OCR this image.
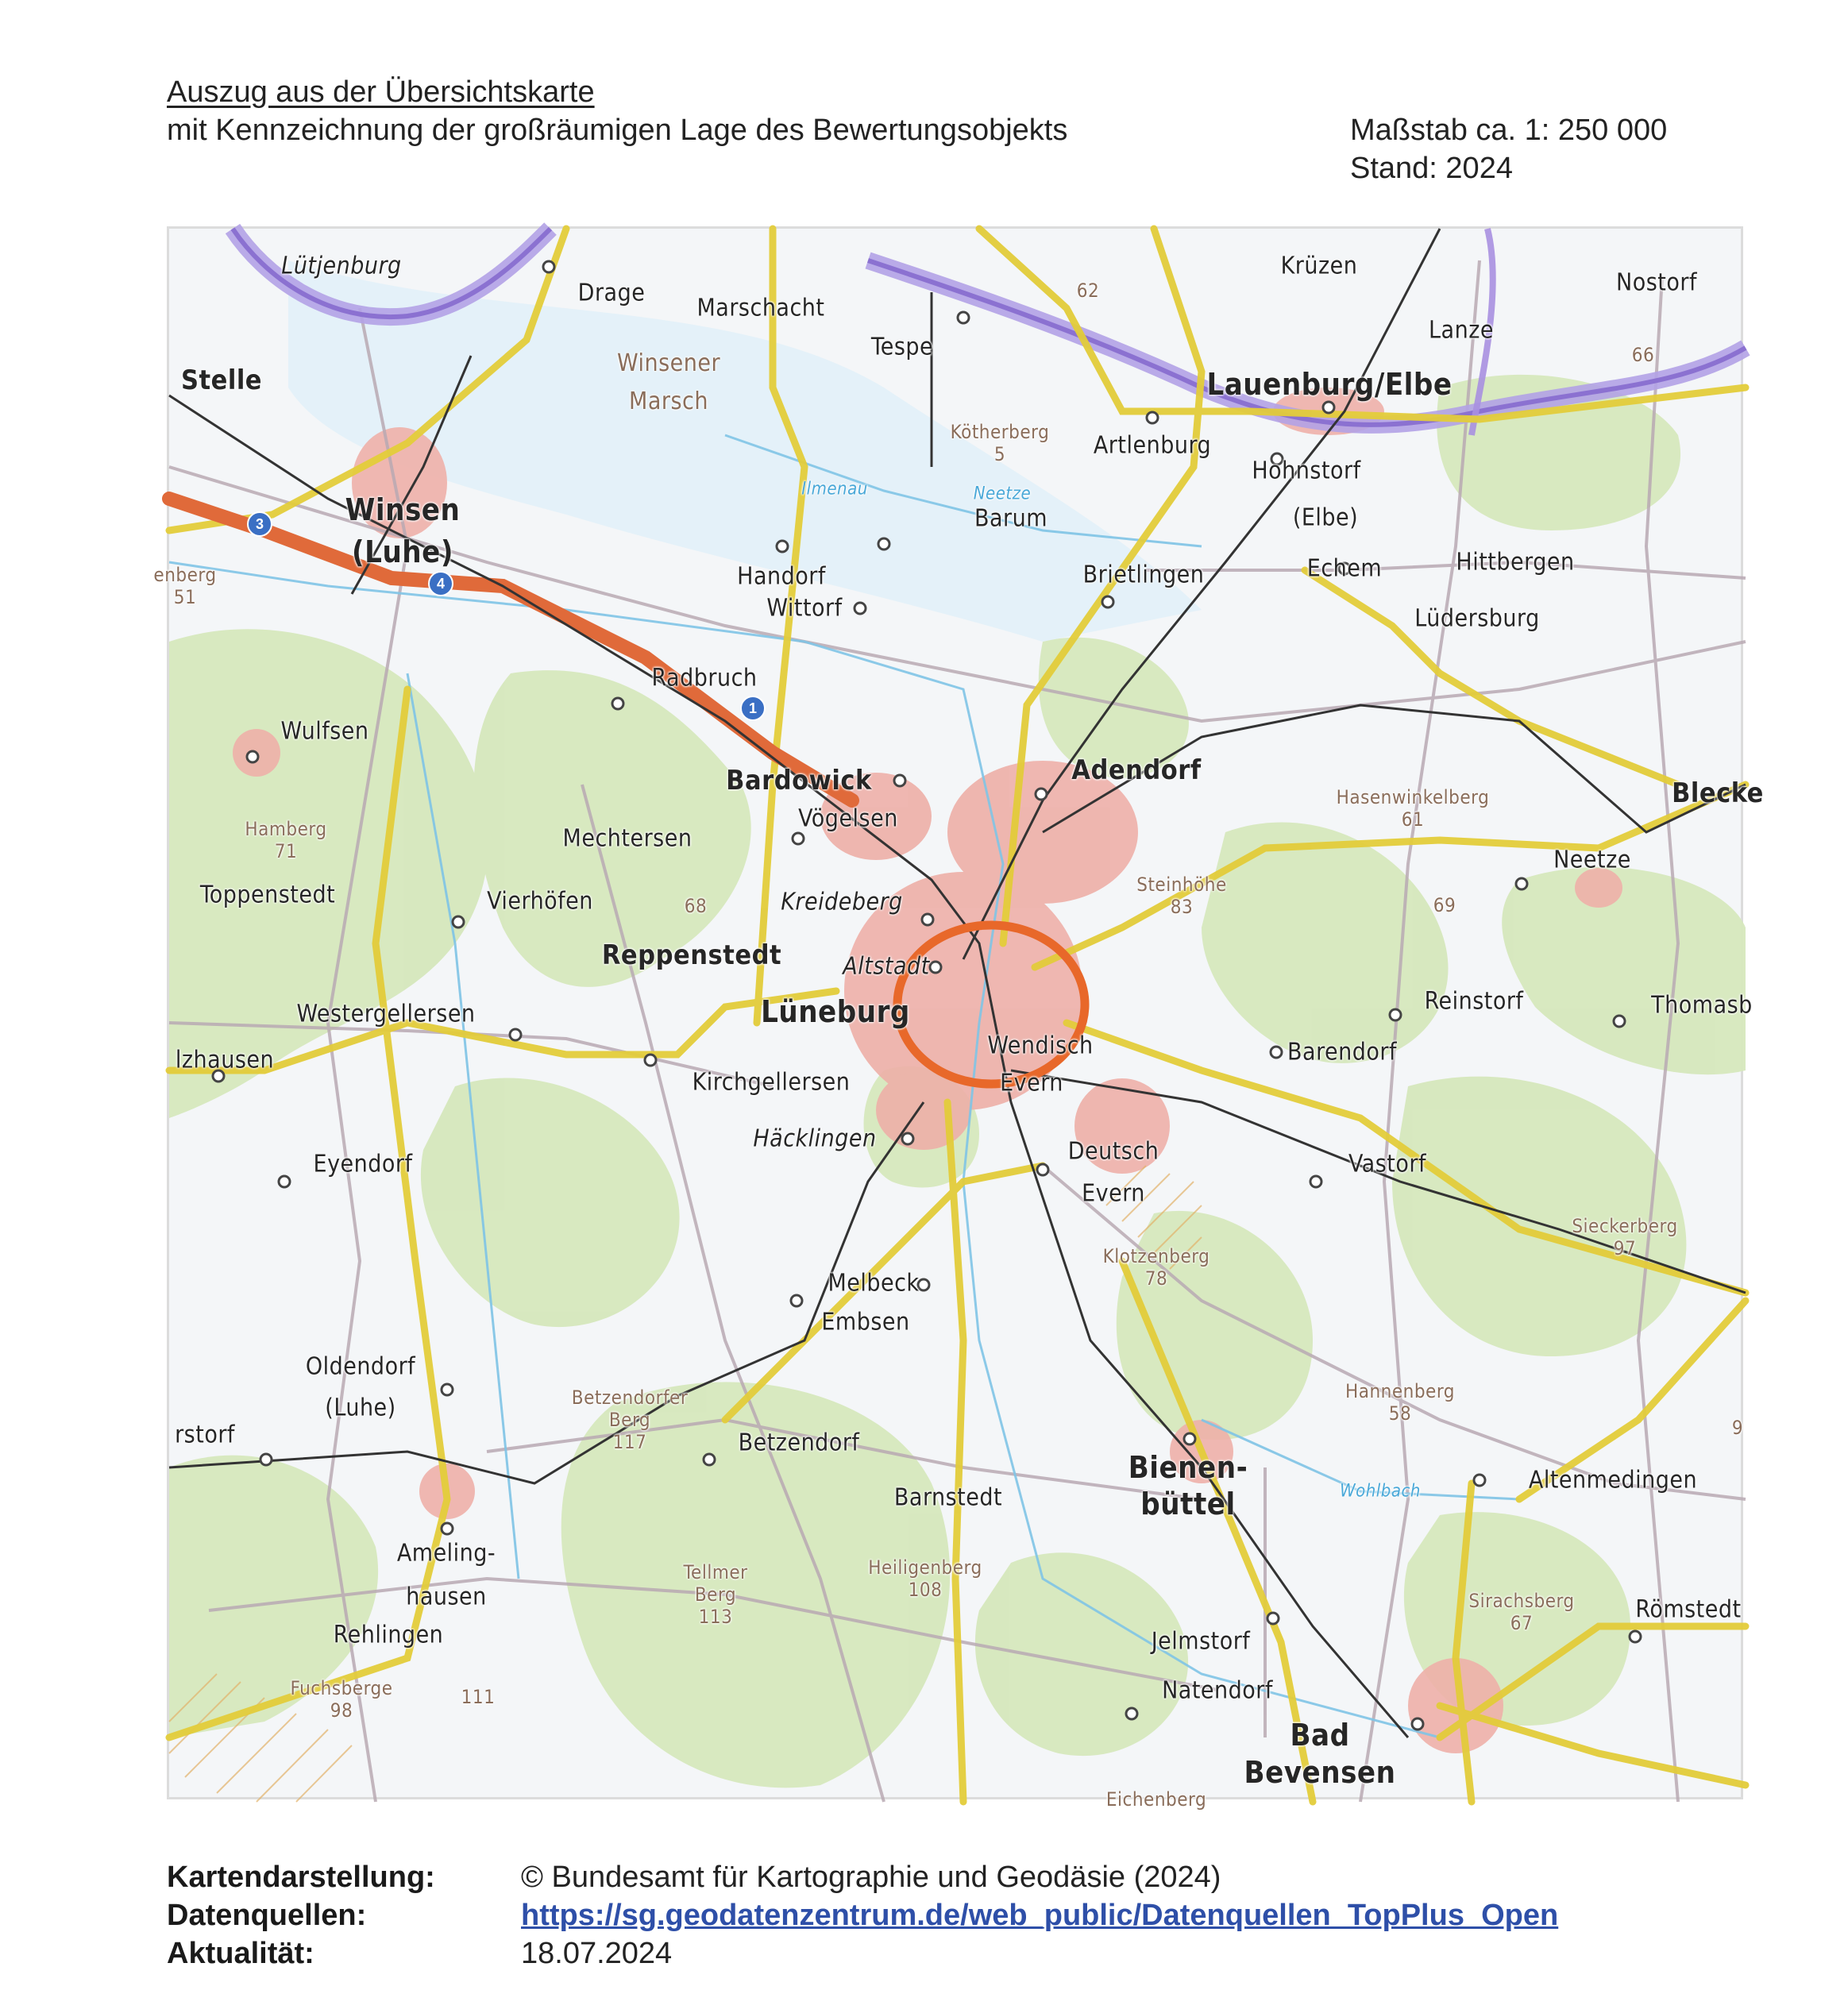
Auszug aus der Übersichtskarte
mit Kennzeichnung der großräumigen Lage des Bewertungsobjekts	Maßstab ca. 1: 250 000
Stand: 2024
Lauenburg/Elbe
Winsen
(Luhe)
Lüneburg
Bienen-
büttel
Bad
Bevensen
Stelle
Bardowick	Adendorf
Reppenstedt
Blecke
Drage
Marschacht
Tespe
Krüzen
Nostorf
Lanze
Artlenburg
Hohnstorf
(Elbe)
Barum
Handorf
Wittorf
Brietlingen	Echem	Hittbergen
Lüdersburg
Radbruch
Wulfsen
Vögelsen
Mechtersen
Toppenstedt
Neetze
Vierhöfen
Westergellersen	Reinstorf	Thomasb
Wendisch
Evern
Barendorf
lzhausen
Kirchgellersen
Deutsch
Evern
Eyendorf	Vastorf
Melbeck
Embsen
Oldendorf
(Luhe)
rstorf	Betzendorf
Altenmedingen
Barnstedt
Ameling-
hausen	Römstedt
Rehlingen	Jelmstorf
Natendorf
Lütjenburg
Kreideberg
Altstadt
Häcklingen
62
66
Kötherberg
5
enberg
51
Hasenwinkelberg
61
Hamberg
71
68
Steinhöhe
83	69
Sieckerberg
97
Klotzenberg
78
Hannenberg
58
Betzendorfer
Berg
117
Tellmer
Berg
113
Heiligenberg
108	Sirachsberg
67
Fuchsberge
98
111
Eichenberg
9
Ilmenau	Neetze
Wohlbach
Winsener
Marsch
3
4
1
Kartendarstellung:	© Bundesamt für Kartographie und Geodäsie (2024)
Datenquellen:	https://sg.geodatenzentrum.de/web_public/Datenquellen_TopPlus_Open
Aktualität:	18.07.2024
